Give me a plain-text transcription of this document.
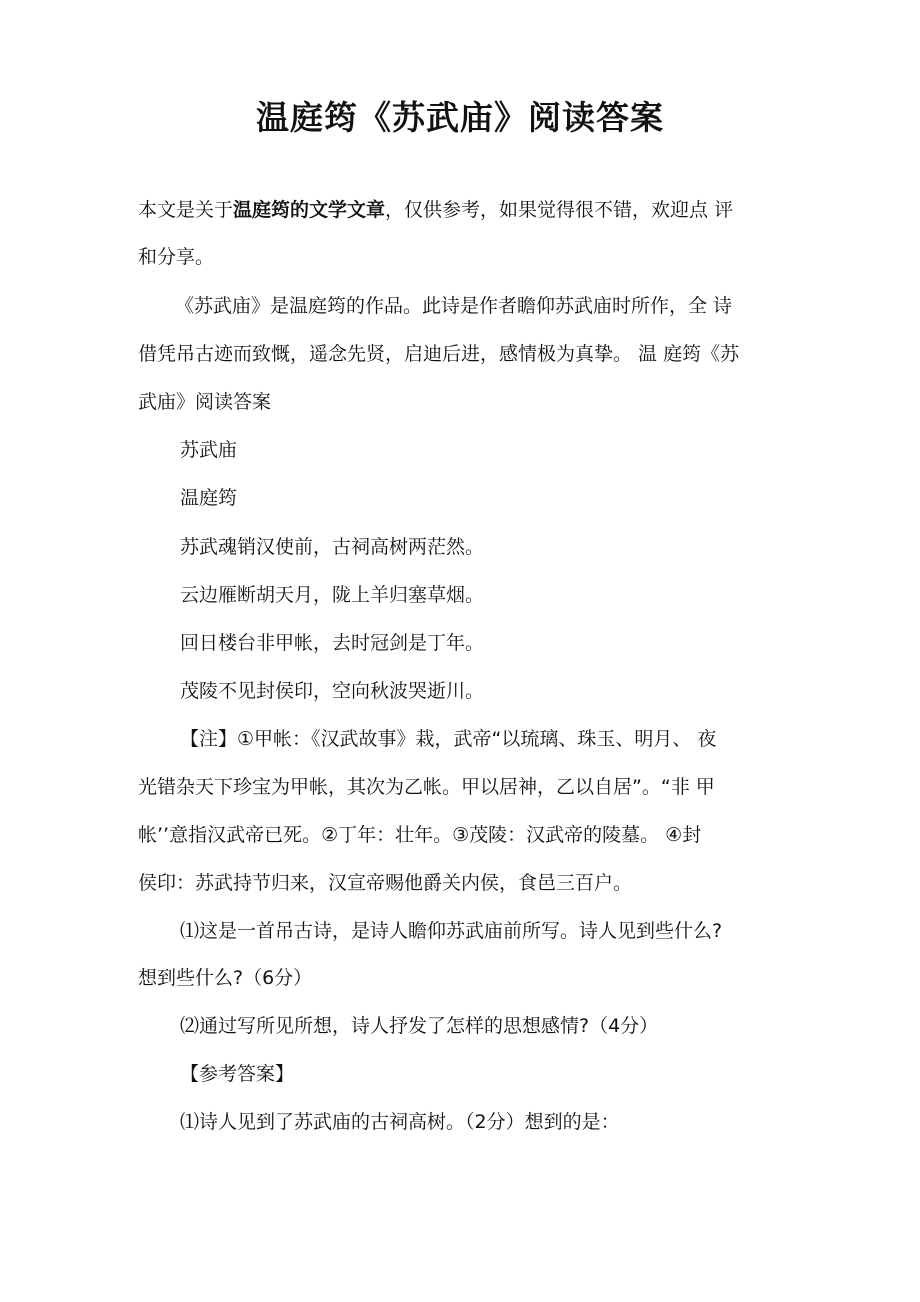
温庭筠《苏武庙》阅读答案
本文是关于温庭筠的文学文章，仅供参考，如果觉得很不错，欢迎点 评
和分享。
《苏武庙》是温庭筠的作品。此诗是作者瞻仰苏武庙时所作，全 诗
借凭吊古迹而致慨，遥念先贤，启迪后进，感情极为真挚。 温 庭筠《苏
武庙》阅读答案
苏武庙
温庭筠
苏武魂销汉使前，古祠高树两茫然。
云边雁断胡天月，陇上羊归塞草烟。
回日楼台非甲帐，去时冠剑是丁年。
茂陵不见封侯印，空向秋波哭逝川。
【注】①甲帐：《汉武故事》栽，武帝“以琉璃、珠玉、明月、 夜
光错杂天下珍宝为甲帐，其次为乙帐。甲以居神，乙以自居”。“非 甲
帐’’意指汉武帝已死。②丁年：壮年。③茂陵：汉武帝的陵墓。 ④封
侯印：苏武持节归来，汉宣帝赐他爵关内侯，食邑三百户。
⑴这是一首吊古诗，是诗人瞻仰苏武庙前所写。诗人见到些什么?
想到些什么?（6分）
⑵通过写所见所想，诗人抒发了怎样的思想感情?（4分）
【参考答案】
⑴诗人见到了苏武庙的古祠高树。（2分）想到的是：
